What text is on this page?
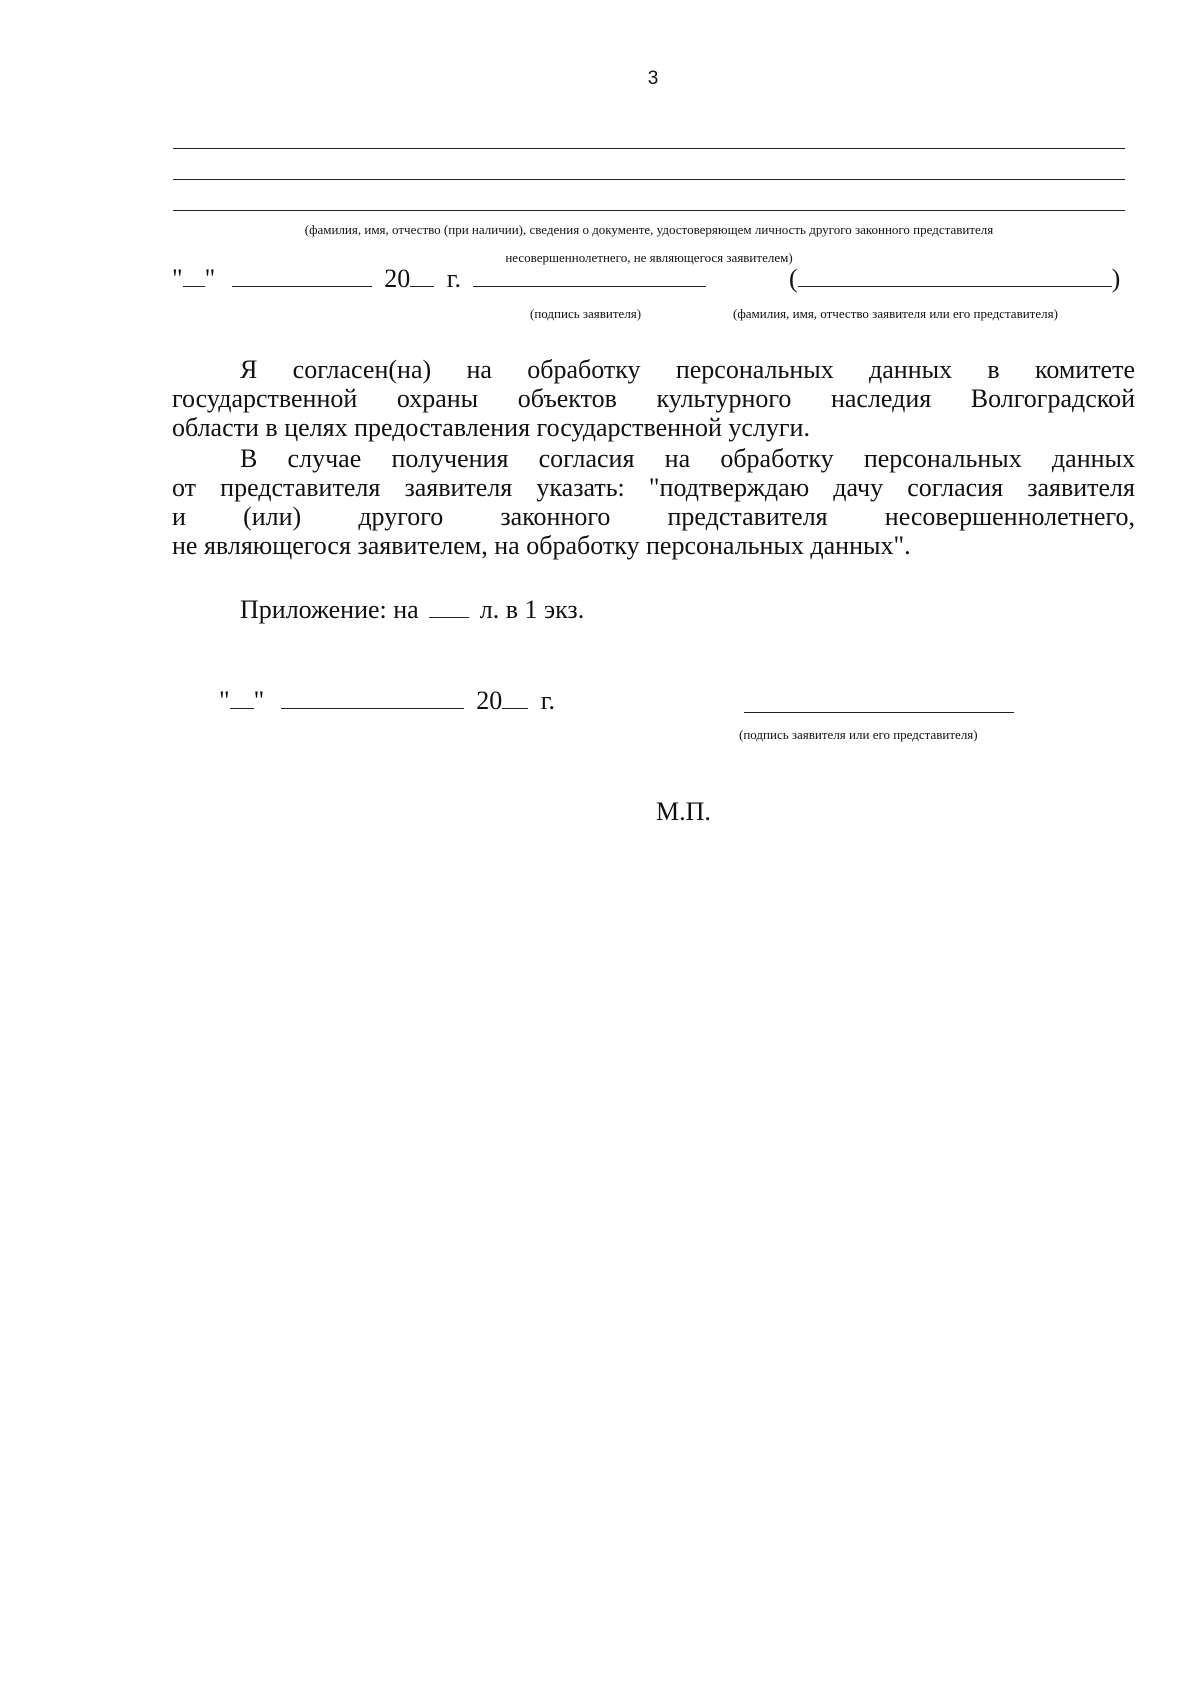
3
(фамилия, имя, отчество (при наличии), сведения о документе, удостоверяющем личность другого законного представителя
несовершеннолетнего, не являющегося заявителем)
" "	20 г.	(	)
(подпись заявителя)	(фамилия, имя, отчество заявителя или его представителя)

Я согласен(на) на обработку персональных данных в комитете

государственной охраны объектов культурного наследия Волгоградской

области в целях предоставления государственной услуги.

В случае получения согласия на обработку персональных данных

от представителя заявителя указать: "подтверждаю дачу согласия заявителя

и (или) другого законного представителя несовершеннолетнего,

не являющегося заявителем, на обработку персональных данных".

Приложение: на л. в 1 экз.
" "	20 г.
(подпись заявителя или его представителя)
М.П.
